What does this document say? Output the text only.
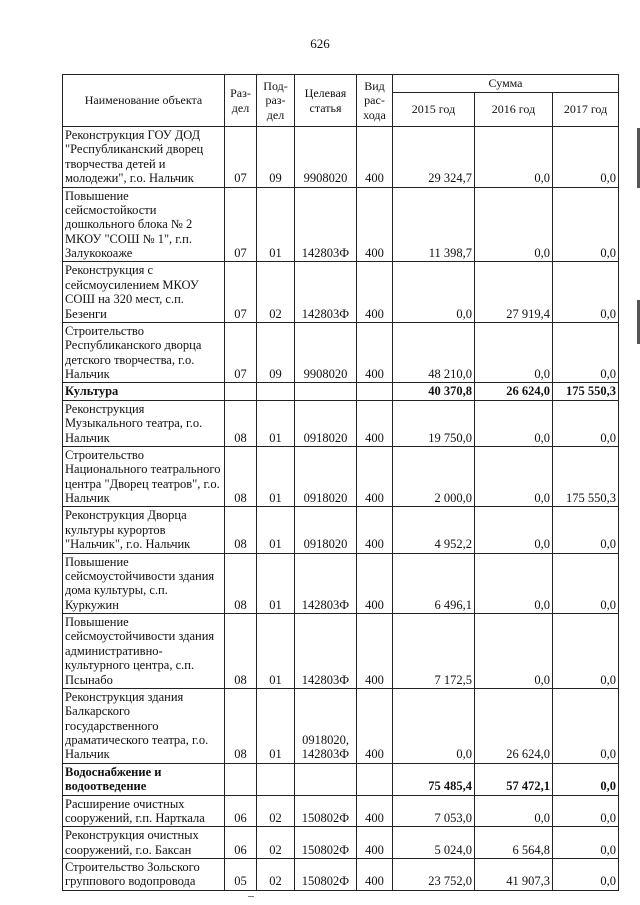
626
Наименование объекта	Раз-дел	Под-раз-дел	Целевая статья	Вид рас-хода	Сумма		
					2015 год	2016 год	2017 год
Реконструкция ГОУ ДОД "Республиканский дворец творчества детей и молодежи", г.о. Нальчик	07	09	9908020	400	29 324,7	0,0	0,0
Повышение сейсмостойкости дошкольного блока № 2 МКОУ "СОШ № 1", г.п. Залукокоаже	07	01	142803Ф	400	11 398,7	0,0	0,0
Реконструкция с сейсмоусилением МКОУ СОШ на 320 мест, с.п. Безенги	07	02	142803Ф	400	0,0	27 919,4	0,0
Строительство Республиканского дворца детского творчества, г.о. Нальчик	07	09	9908020	400	48 210,0	0,0	0,0
Культура					40 370,8	26 624,0	175 550,3
Реконструкция Музыкального театра, г.о. Нальчик	08	01	0918020	400	19 750,0	0,0	0,0
Строительство Национального театрального центра "Дворец театров", г.о. Нальчик	08	01	0918020	400	2 000,0	0,0	175 550,3
Реконструкция Дворца культуры курортов "Нальчик", г.о. Нальчик	08	01	0918020	400	4 952,2	0,0	0,0
Повышение сейсмоустойчивости здания дома культуры, с.п. Куркужин	08	01	142803Ф	400	6 496,1	0,0	0,0
Повышение сейсмоустойчивости здания административно-культурного центра, с.п. Псынабо	08	01	142803Ф	400	7 172,5	0,0	0,0
Реконструкция здания Балкарского государственного драматического театра, г.о. Нальчик	08	01	0918020, 142803Ф	400	0,0	26 624,0	0,0
Водоснабжение и водоотведение					75 485,4	57 472,1	0,0
Расширение очистных сооружений, г.п. Нарткала	06	02	150802Ф	400	7 053,0	0,0	0,0
Реконструкция очистных сооружений, г.о. Баксан	06	02	150802Ф	400	5 024,0	6 564,8	0,0
Строительство Зольского группового водопровода	05	02	150802Ф	400	23 752,0	41 907,3	0,0
